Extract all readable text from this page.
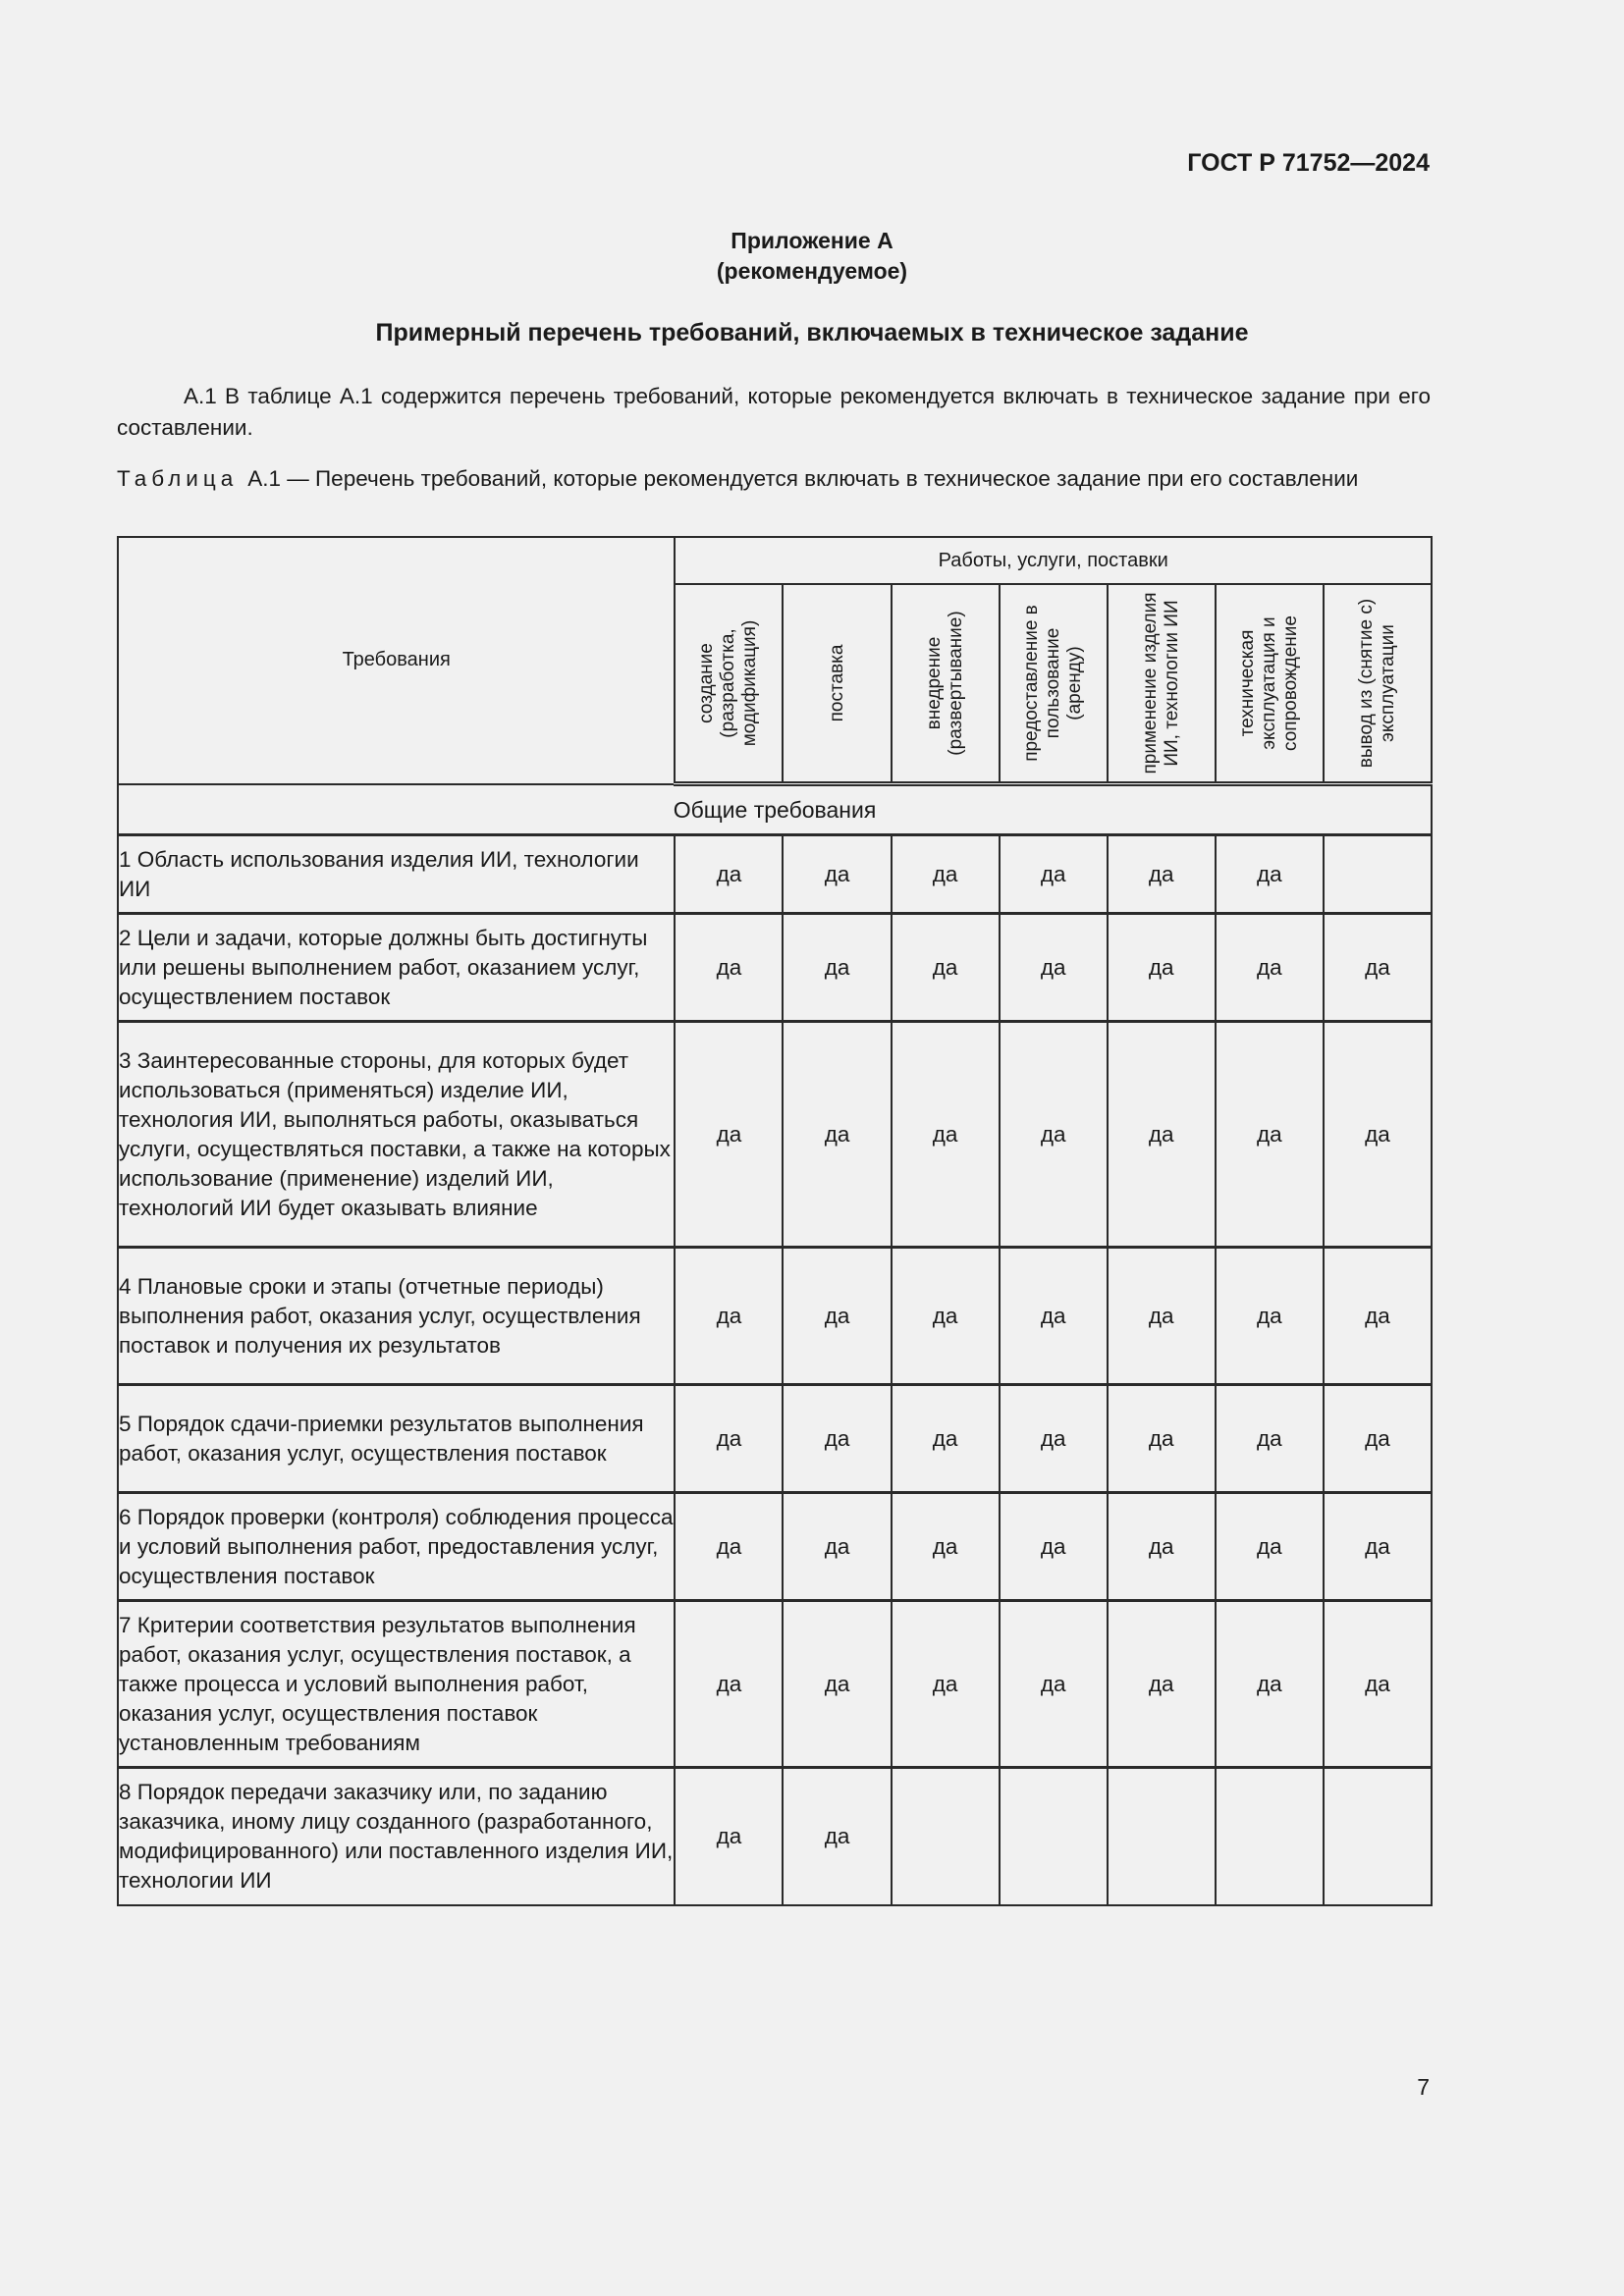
ГОСТ Р 71752—2024
Приложение А
(рекомендуемое)
Примерный перечень требований, включаемых в техническое задание
А.1 В таблице А.1 содержится перечень требований, которые рекомендуется включать в техническое задание при его составлении.
Таблица А.1 — Перечень требований, которые рекомендуется включать в техническое задание при его составлении
Требования	Работы, услуги, поставки						

	создание (разработка, модификация)	поставка	внедрение (развертывание)	предоставление в пользование (аренду)	применение изделия ИИ, технологии ИИ	техническая эксплуатация и сопровождение	вывод из (снятие с) эксплуатации

Общие требования							
1 Область использования изделия ИИ, технологии ИИ	да	да	да	да	да	да	
2 Цели и задачи, которые должны быть достигнуты или решены выполнением работ, оказанием услуг, осуществлением поставок	да	да	да	да	да	да	да
3 Заинтересованные стороны, для которых будет использоваться (применяться) изделие ИИ, технология ИИ, выполняться работы, оказываться услуги, осуществляться поставки, а также на которых использование (применение) изделий ИИ, технологий ИИ будет оказывать влияние	да	да	да	да	да	да	да
4 Плановые сроки и этапы (отчетные периоды) выполнения работ, оказания услуг, осуществления поставок и получения их результатов	да	да	да	да	да	да	да
5 Порядок сдачи-приемки результатов выполнения работ, оказания услуг, осуществления поставок	да	да	да	да	да	да	да
6 Порядок проверки (контроля) соблюдения процесса и условий выполнения работ, предоставления услуг, осуществления поставок	да	да	да	да	да	да	да
7 Критерии соответствия результатов выполнения работ, оказания услуг, осуществления поставок, а также процесса и условий выполнения работ, оказания услуг, осуществления поставок установленным требованиям	да	да	да	да	да	да	да
8 Порядок передачи заказчику или, по заданию заказчика, иному лицу созданного (разработанного, модифицированного) или поставленного изделия ИИ, технологии ИИ	да	да					
7
